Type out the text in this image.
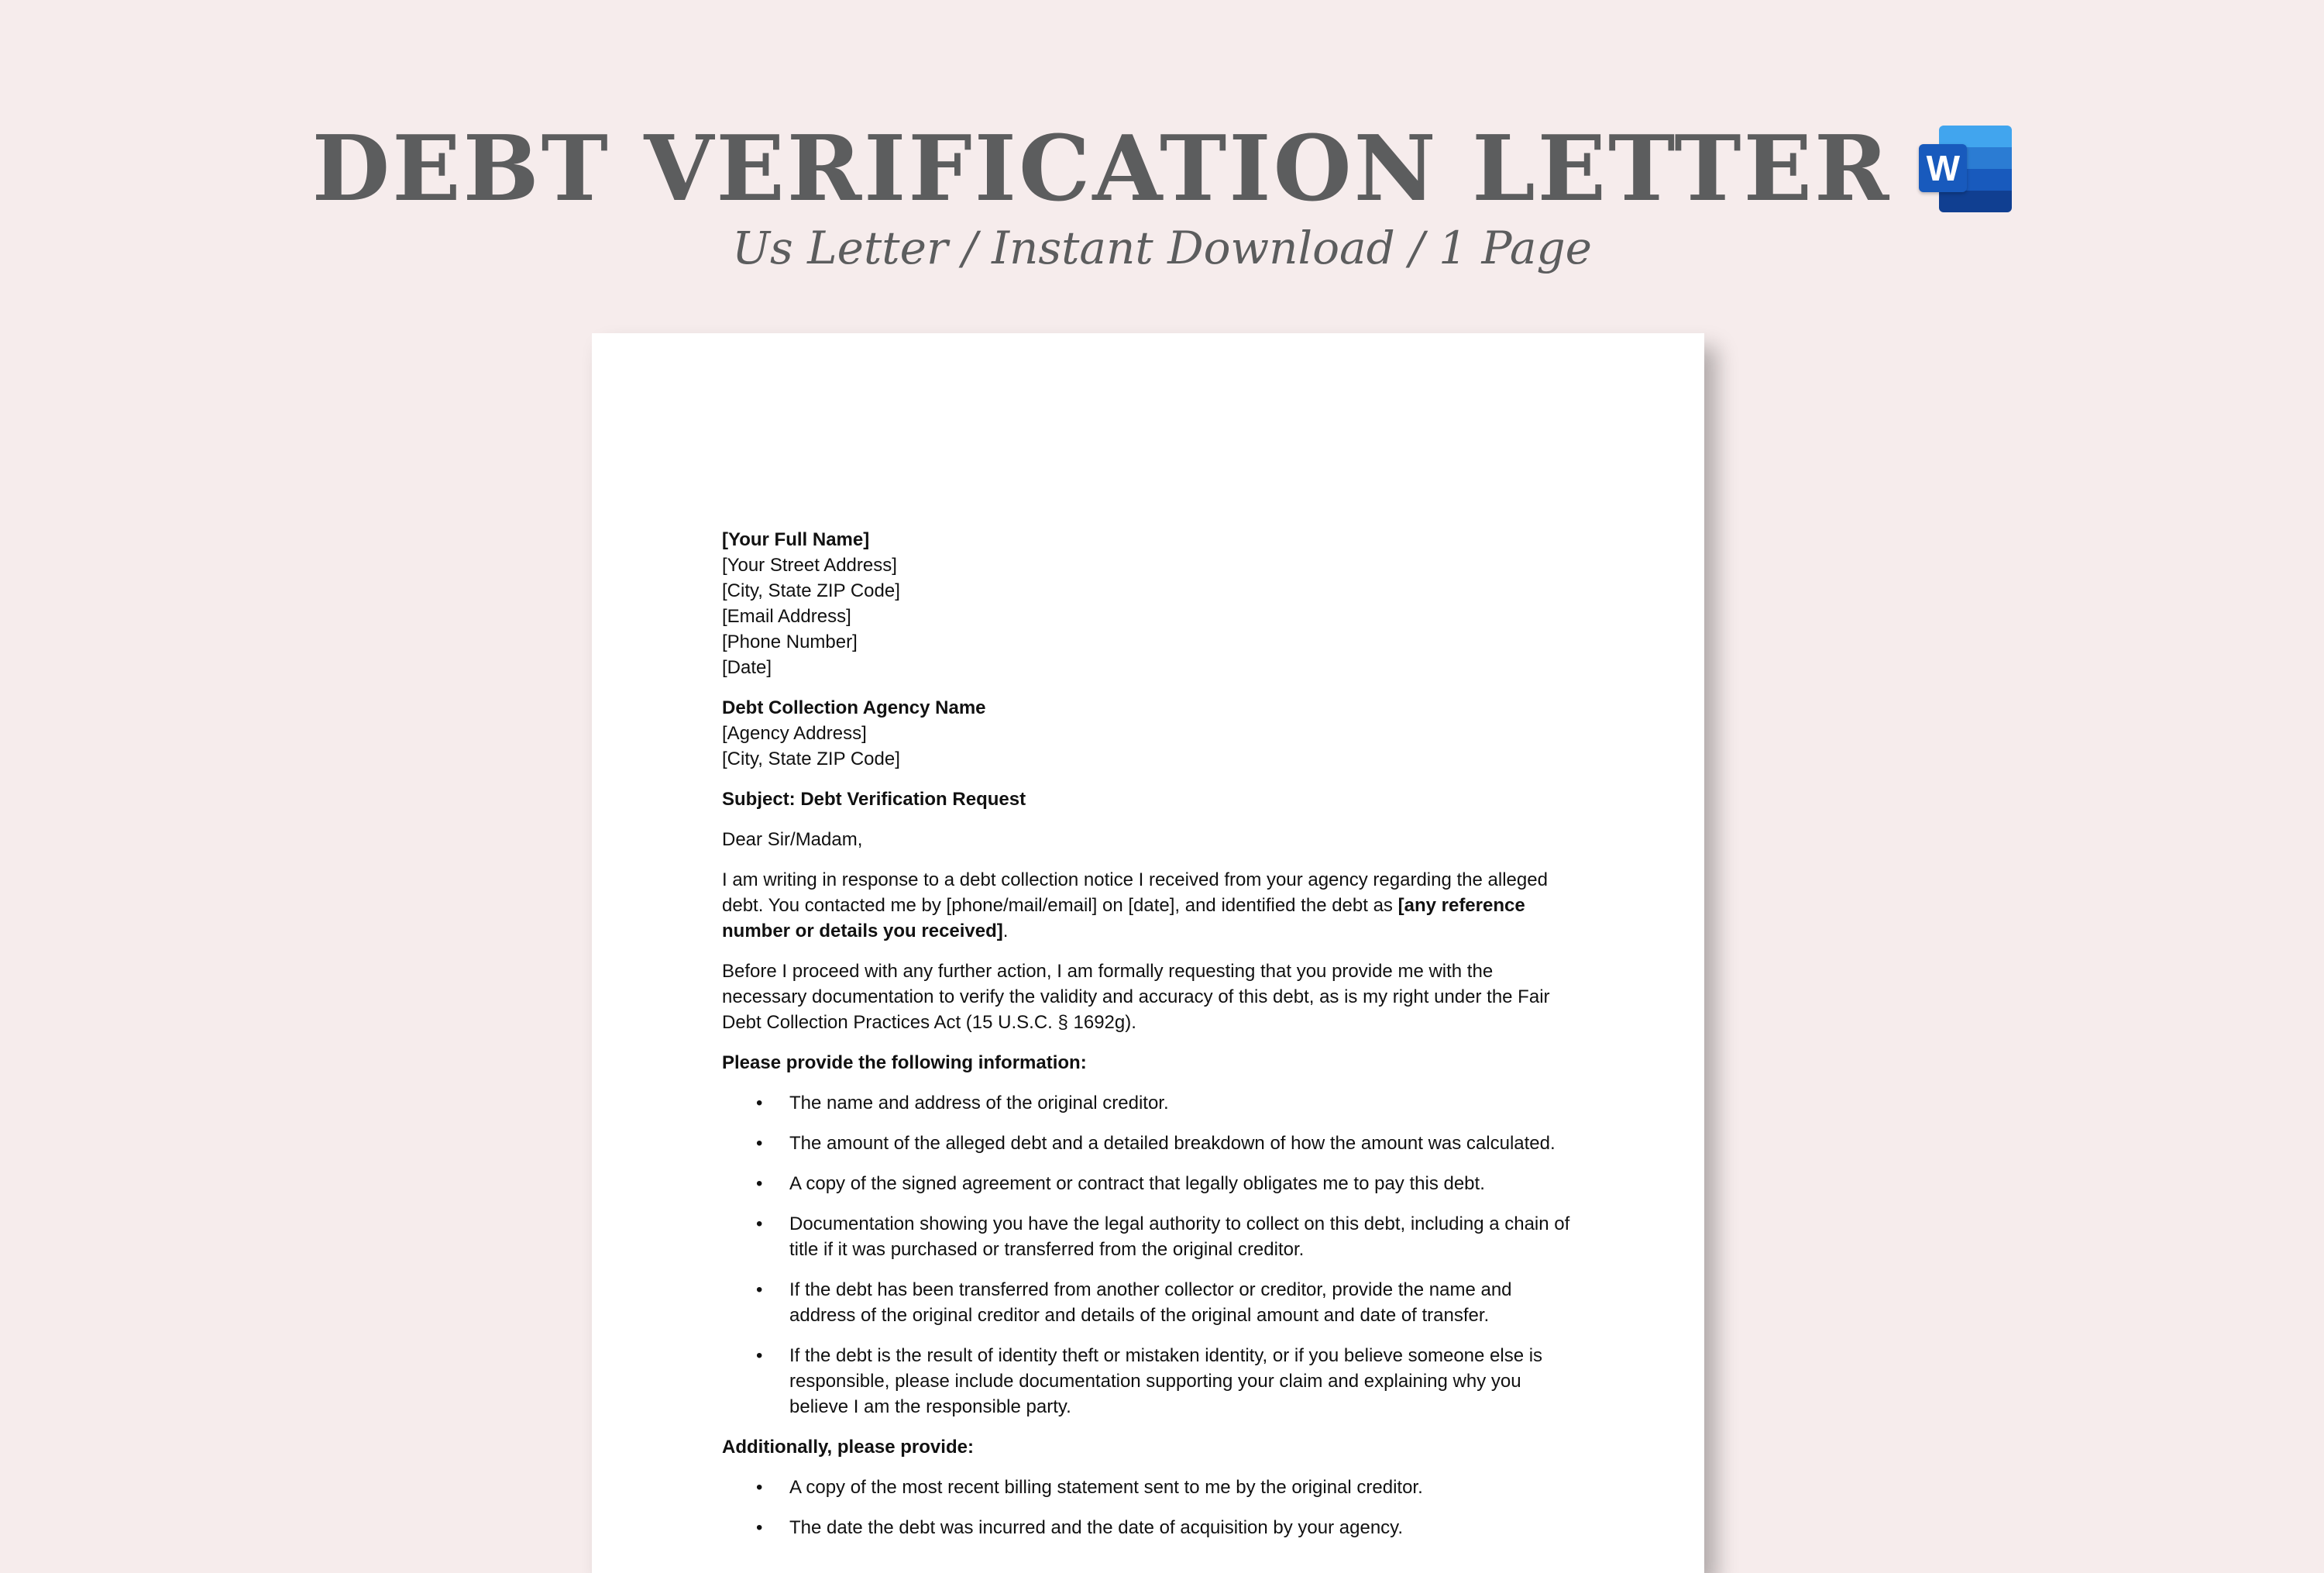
DEBT VERIFICATION LETTER W
Us Letter / Instant Download / 1 Page
[Your Full Name]
[Your Street Address]
[City, State ZIP Code]
[Email Address]
[Phone Number]
[Date]
Debt Collection Agency Name
[Agency Address]
[City, State ZIP Code]
Subject: Debt Verification Request
Dear Sir/Madam,
I am writing in response to a debt collection notice I received from your agency regarding the alleged debt. You contacted me by [phone/mail/email] on [date], and identified the debt as [any reference number or details you received].
Before I proceed with any further action, I am formally requesting that you provide me with the necessary documentation to verify the validity and accuracy of this debt, as is my right under the Fair Debt Collection Practices Act (15 U.S.C. § 1692g).
Please provide the following information:
• The name and address of the original creditor.
• The amount of the alleged debt and a detailed breakdown of how the amount was calculated.
• A copy of the signed agreement or contract that legally obligates me to pay this debt.
• Documentation showing you have the legal authority to collect on this debt, including a chain of title if it was purchased or transferred from the original creditor.
• If the debt has been transferred from another collector or creditor, provide the name and address of the original creditor and details of the original amount and date of transfer.
• If the debt is the result of identity theft or mistaken identity, or if you believe someone else is responsible, please include documentation supporting your claim and explaining why you believe I am the responsible party.
Additionally, please provide:
• A copy of the most recent billing statement sent to me by the original creditor.
• The date the debt was incurred and the date of acquisition by your agency.
